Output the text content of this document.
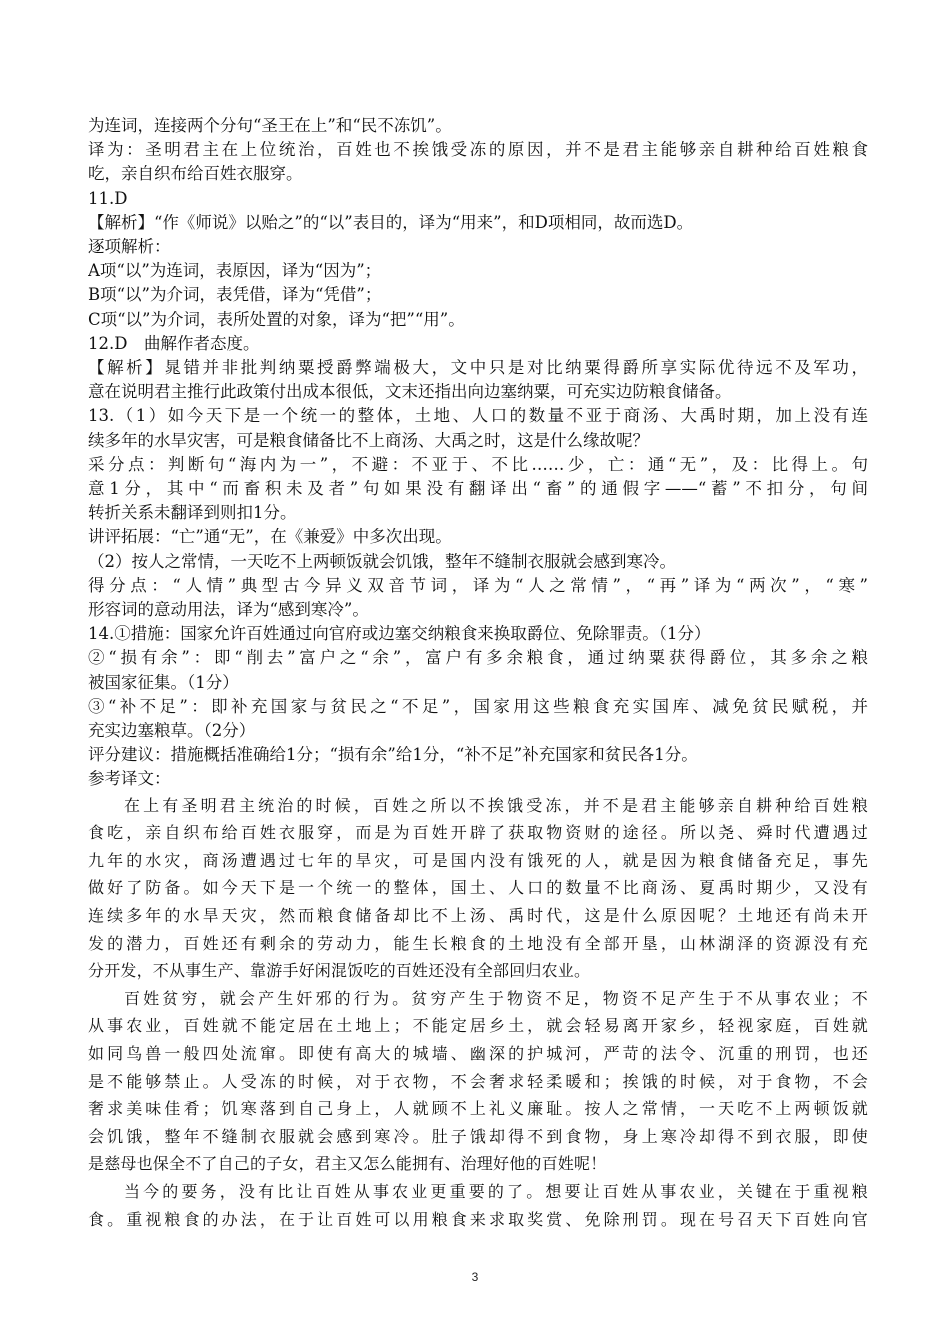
为连词，连接两个分句“圣王在上”和“民不冻饥”。
译为：圣明君主在上位统治，百姓也不挨饿受冻的原因，并不是君主能够亲自耕种给百姓粮食
吃，亲自织布给百姓衣服穿。
11.D
【解析】“作《师说》以贻之”的“以”表目的，译为“用来”，和D项相同，故而选D。
逐项解析：
A项“以”为连词，表原因，译为“因为”；
B项“以”为介词，表凭借，译为“凭借”；
C项“以”为介词，表所处置的对象，译为“把”“用”。
12.D　曲解作者态度。
【解析】晁错并非批判纳粟授爵弊端极大，文中只是对比纳粟得爵所享实际优待远不及军功，
意在说明君主推行此政策付出成本很低，文末还指出向边塞纳粟，可充实边防粮食储备。
13.（1）如今天下是一个统一的整体，土地、人口的数量不亚于商汤、大禹时期，加上没有连
续多年的水旱灾害，可是粮食储备比不上商汤、大禹之时，这是什么缘故呢？
采分点：判断句“海内为一”，不避：不亚于、不比……少，亡：通“无”，及：比得上。句
意1分，其中“而畜积未及者”句如果没有翻译出“畜”的通假字——“蓄”不扣分，句间
转折关系未翻译到则扣1分。
讲评拓展：“亡”通“无”，在《兼爱》中多次出现。
（2）按人之常情，一天吃不上两顿饭就会饥饿，整年不缝制衣服就会感到寒冷。
得分点：“人情”典型古今异义双音节词，译为“人之常情”，“再”译为“两次”，“寒”
形容词的意动用法，译为“感到寒冷”。
14.①措施：国家允许百姓通过向官府或边塞交纳粮食来换取爵位、免除罪责。（1分）
②“损有余”：即“削去”富户之“余”，富户有多余粮食，通过纳粟获得爵位，其多余之粮
被国家征集。（1分）
③“补不足”：即补充国家与贫民之“不足”，国家用这些粮食充实国库、减免贫民赋税，并
充实边塞粮草。（2分）
评分建议：措施概括准确给1分；“损有余”给1分，“补不足”补充国家和贫民各1分。
参考译文：
在上有圣明君主统治的时候，百姓之所以不挨饿受冻，并不是君主能够亲自耕种给百姓粮
食吃，亲自织布给百姓衣服穿，而是为百姓开辟了获取物资财的途径。所以尧、舜时代遭遇过
九年的水灾，商汤遭遇过七年的旱灾，可是国内没有饿死的人，就是因为粮食储备充足，事先
做好了防备。如今天下是一个统一的整体，国土、人口的数量不比商汤、夏禹时期少，又没有
连续多年的水旱天灾，然而粮食储备却比不上汤、禹时代，这是什么原因呢？土地还有尚未开
发的潜力，百姓还有剩余的劳动力，能生长粮食的土地没有全部开垦，山林湖泽的资源没有充
分开发，不从事生产、靠游手好闲混饭吃的百姓还没有全部回归农业。
百姓贫穷，就会产生奸邪的行为。贫穷产生于物资不足，物资不足产生于不从事农业；不
从事农业，百姓就不能定居在土地上；不能定居乡土，就会轻易离开家乡，轻视家庭，百姓就
如同鸟兽一般四处流窜。即使有高大的城墙、幽深的护城河，严苛的法令、沉重的刑罚，也还
是不能够禁止。人受冻的时候，对于衣物，不会奢求轻柔暖和；挨饿的时候，对于食物，不会
奢求美味佳肴；饥寒落到自己身上，人就顾不上礼义廉耻。按人之常情，一天吃不上两顿饭就
会饥饿，整年不缝制衣服就会感到寒冷。肚子饿却得不到食物，身上寒冷却得不到衣服，即使
是慈母也保全不了自己的子女，君主又怎么能拥有、治理好他的百姓呢！
当今的要务，没有比让百姓从事农业更重要的了。想要让百姓从事农业，关键在于重视粮
食。重视粮食的办法，在于让百姓可以用粮食来求取奖赏、免除刑罚。现在号召天下百姓向官
3
